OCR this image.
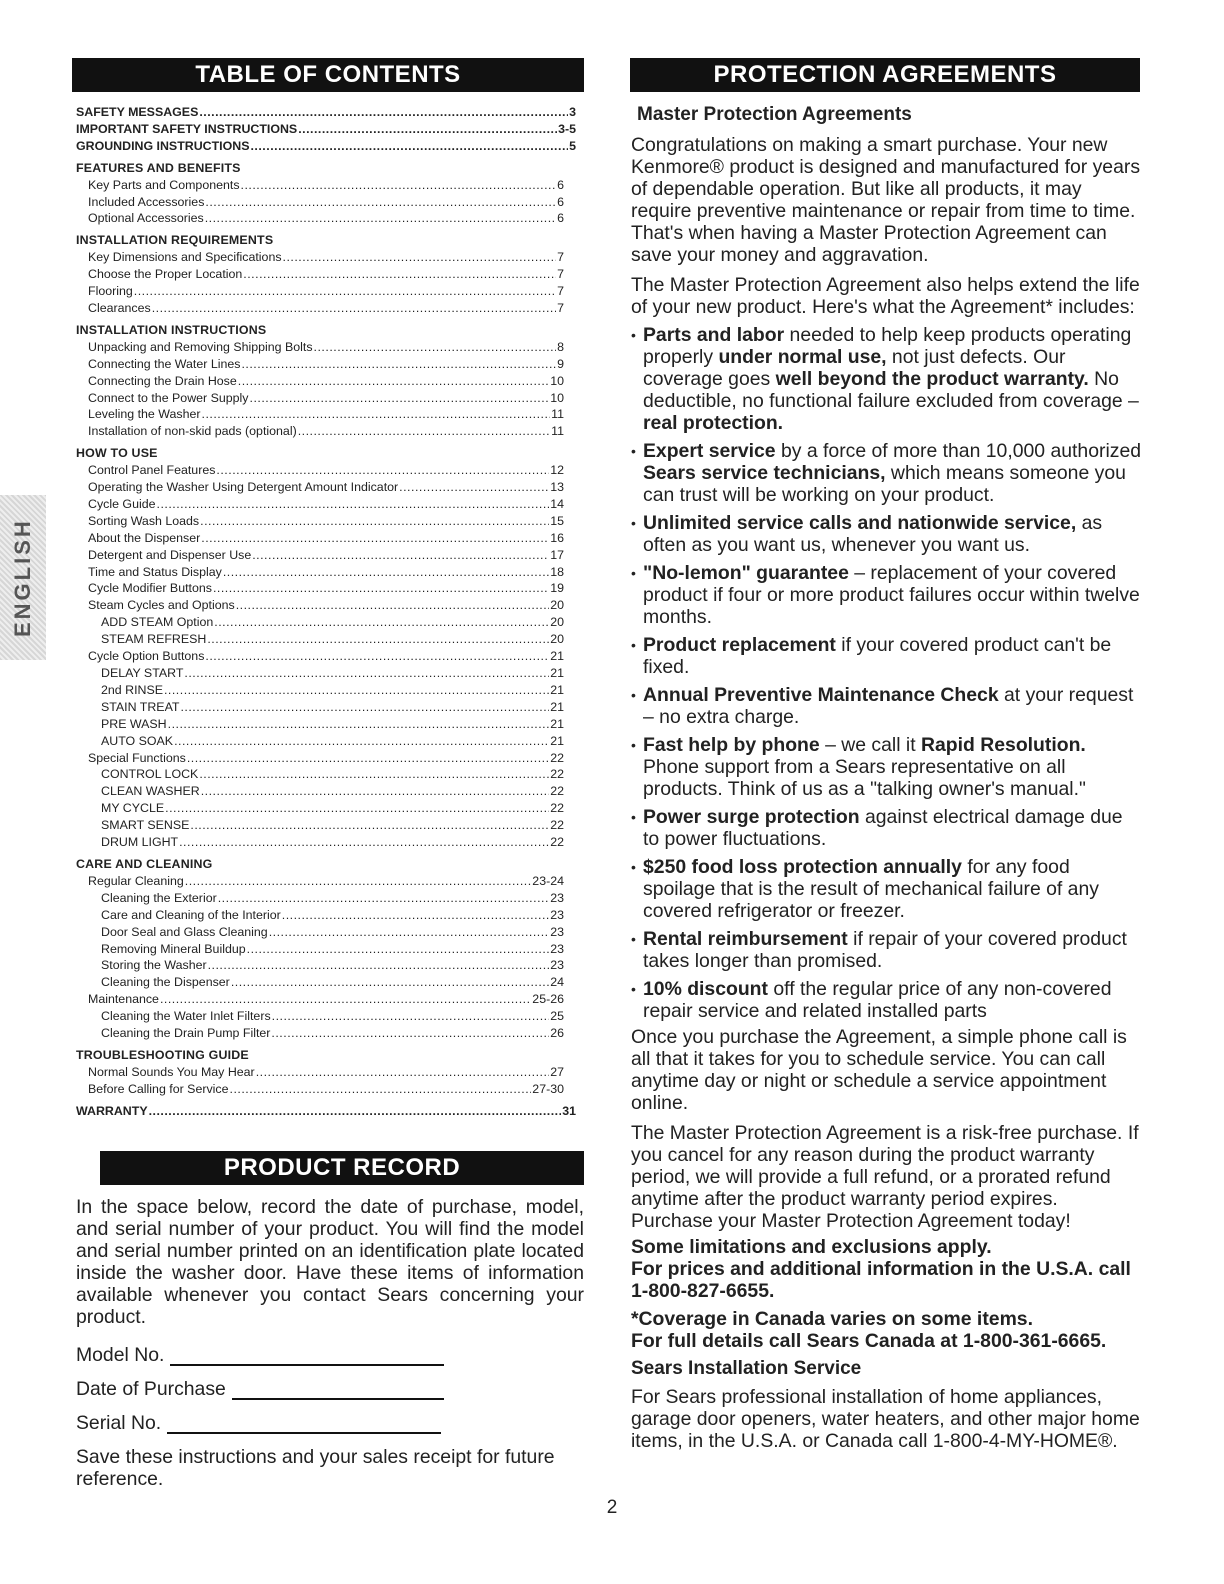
TABLE OF CONTENTS	PROTECTION AGREEMENTS
PRODUCT RECORD
ENGLISH
SAFETY MESSAGES .....	3
IMPORTANT SAFETY INSTRUCTIONS .....	3-5
GROUNDING INSTRUCTIONS .....	5
FEATURES AND BENEFITS
Key Parts and Components .....	6
Included Accessories .....	6
Optional Accessories .....	6
INSTALLATION REQUIREMENTS
Key Dimensions and Specifications .....	7
Choose the Proper Location .....	7
Flooring .....	7
Clearances .....	7
INSTALLATION INSTRUCTIONS
Unpacking and Removing Shipping Bolts .....	8
Connecting the Water Lines .....	9
Connecting the Drain Hose .....	10
Connect to the Power Supply .....	10
Leveling the Washer .....	11
Installation of non-skid pads (optional) .....	11
HOW TO USE
Control Panel Features .....	12
Operating the Washer Using Detergent Amount Indicator .....	13
Cycle Guide .....	14
Sorting Wash Loads .....	15
About the Dispenser .....	16
Detergent and Dispenser Use .....	17
Time and Status Display .....	18
Cycle Modifier Buttons .....	19
Steam Cycles and Options .....	20
ADD STEAM Option .....	20
STEAM REFRESH .....	20
Cycle Option Buttons .....	21
DELAY START .....	21
2nd RINSE .....	21
STAIN TREAT .....	21
PRE WASH .....	21
AUTO SOAK .....	21
Special Functions .....	22
CONTROL LOCK .....	22
CLEAN WASHER .....	22
MY CYCLE .....	22
SMART SENSE .....	22
DRUM LIGHT .....	22
CARE AND CLEANING
Regular Cleaning .....	23-24
Cleaning the Exterior .....	23
Care and Cleaning of the Interior .....	23
Door Seal and Glass Cleaning .....	23
Removing Mineral Buildup .....	23
Storing the Washer .....	23
Cleaning the Dispenser .....	24
Maintenance .....	25-26
Cleaning the Water Inlet Filters .....	25
Cleaning the Drain Pump Filter .....	26
TROUBLESHOOTING GUIDE
Normal Sounds You May Hear .....	27
Before Calling for Service .....	27-30
WARRANTY .....	31

In the space below, record the date of purchase, model, and serial number of your product. You will find the model and serial number printed on an identification plate located inside the washer door. Have these items of information available whenever you contact Sears concerning your product.

Model No.
Date of Purchase
Serial No.

Save these instructions and your sales receipt for future reference.

Master Protection Agreements

Congratulations on making a smart purchase. Your new Kenmore® product is designed and manufactured for years of dependable operation. But like all products, it may require preventive maintenance or repair from time to time. That's when having a Master Protection Agreement can save your money and aggravation.

The Master Protection Agreement also helps extend the life of your new product. Here's what the Agreement* includes:

• Parts and labor needed to help keep products operating properly under normal use, not just defects. Our coverage goes well beyond the product warranty. No deductible, no functional failure excluded from coverage – real protection.

• Expert service by a force of more than 10,000 authorized Sears service technicians, which means someone you can trust will be working on your product.

• Unlimited service calls and nationwide service, as often as you want us, whenever you want us.

• "No-lemon" guarantee – replacement of your covered product if four or more product failures occur within twelve months.

• Product replacement if your covered product can't be fixed.

• Annual Preventive Maintenance Check at your request – no extra charge.

• Fast help by phone – we call it Rapid Resolution. Phone support from a Sears representative on all products. Think of us as a "talking owner's manual."

• Power surge protection against electrical damage due to power fluctuations.

• $250 food loss protection annually for any food spoilage that is the result of mechanical failure of any covered refrigerator or freezer.

• Rental reimbursement if repair of your covered product takes longer than promised.

• 10% discount off the regular price of any non-covered repair service and related installed parts

Once you purchase the Agreement, a simple phone call is all that it takes for you to schedule service. You can call anytime day or night or schedule a service appointment online.

The Master Protection Agreement is a risk-free purchase. If you cancel for any reason during the product warranty period, we will provide a full refund, or a prorated refund anytime after the product warranty period expires. Purchase your Master Protection Agreement today!

Some limitations and exclusions apply.

For prices and additional information in the U.S.A. call 1-800-827-6655.

*Coverage in Canada varies on some items.

For full details call Sears Canada at 1-800-361-6665.

Sears Installation Service

For Sears professional installation of home appliances, garage door openers, water heaters, and other major home items, in the U.S.A. or Canada call 1-800-4-MY-HOME®.

2
